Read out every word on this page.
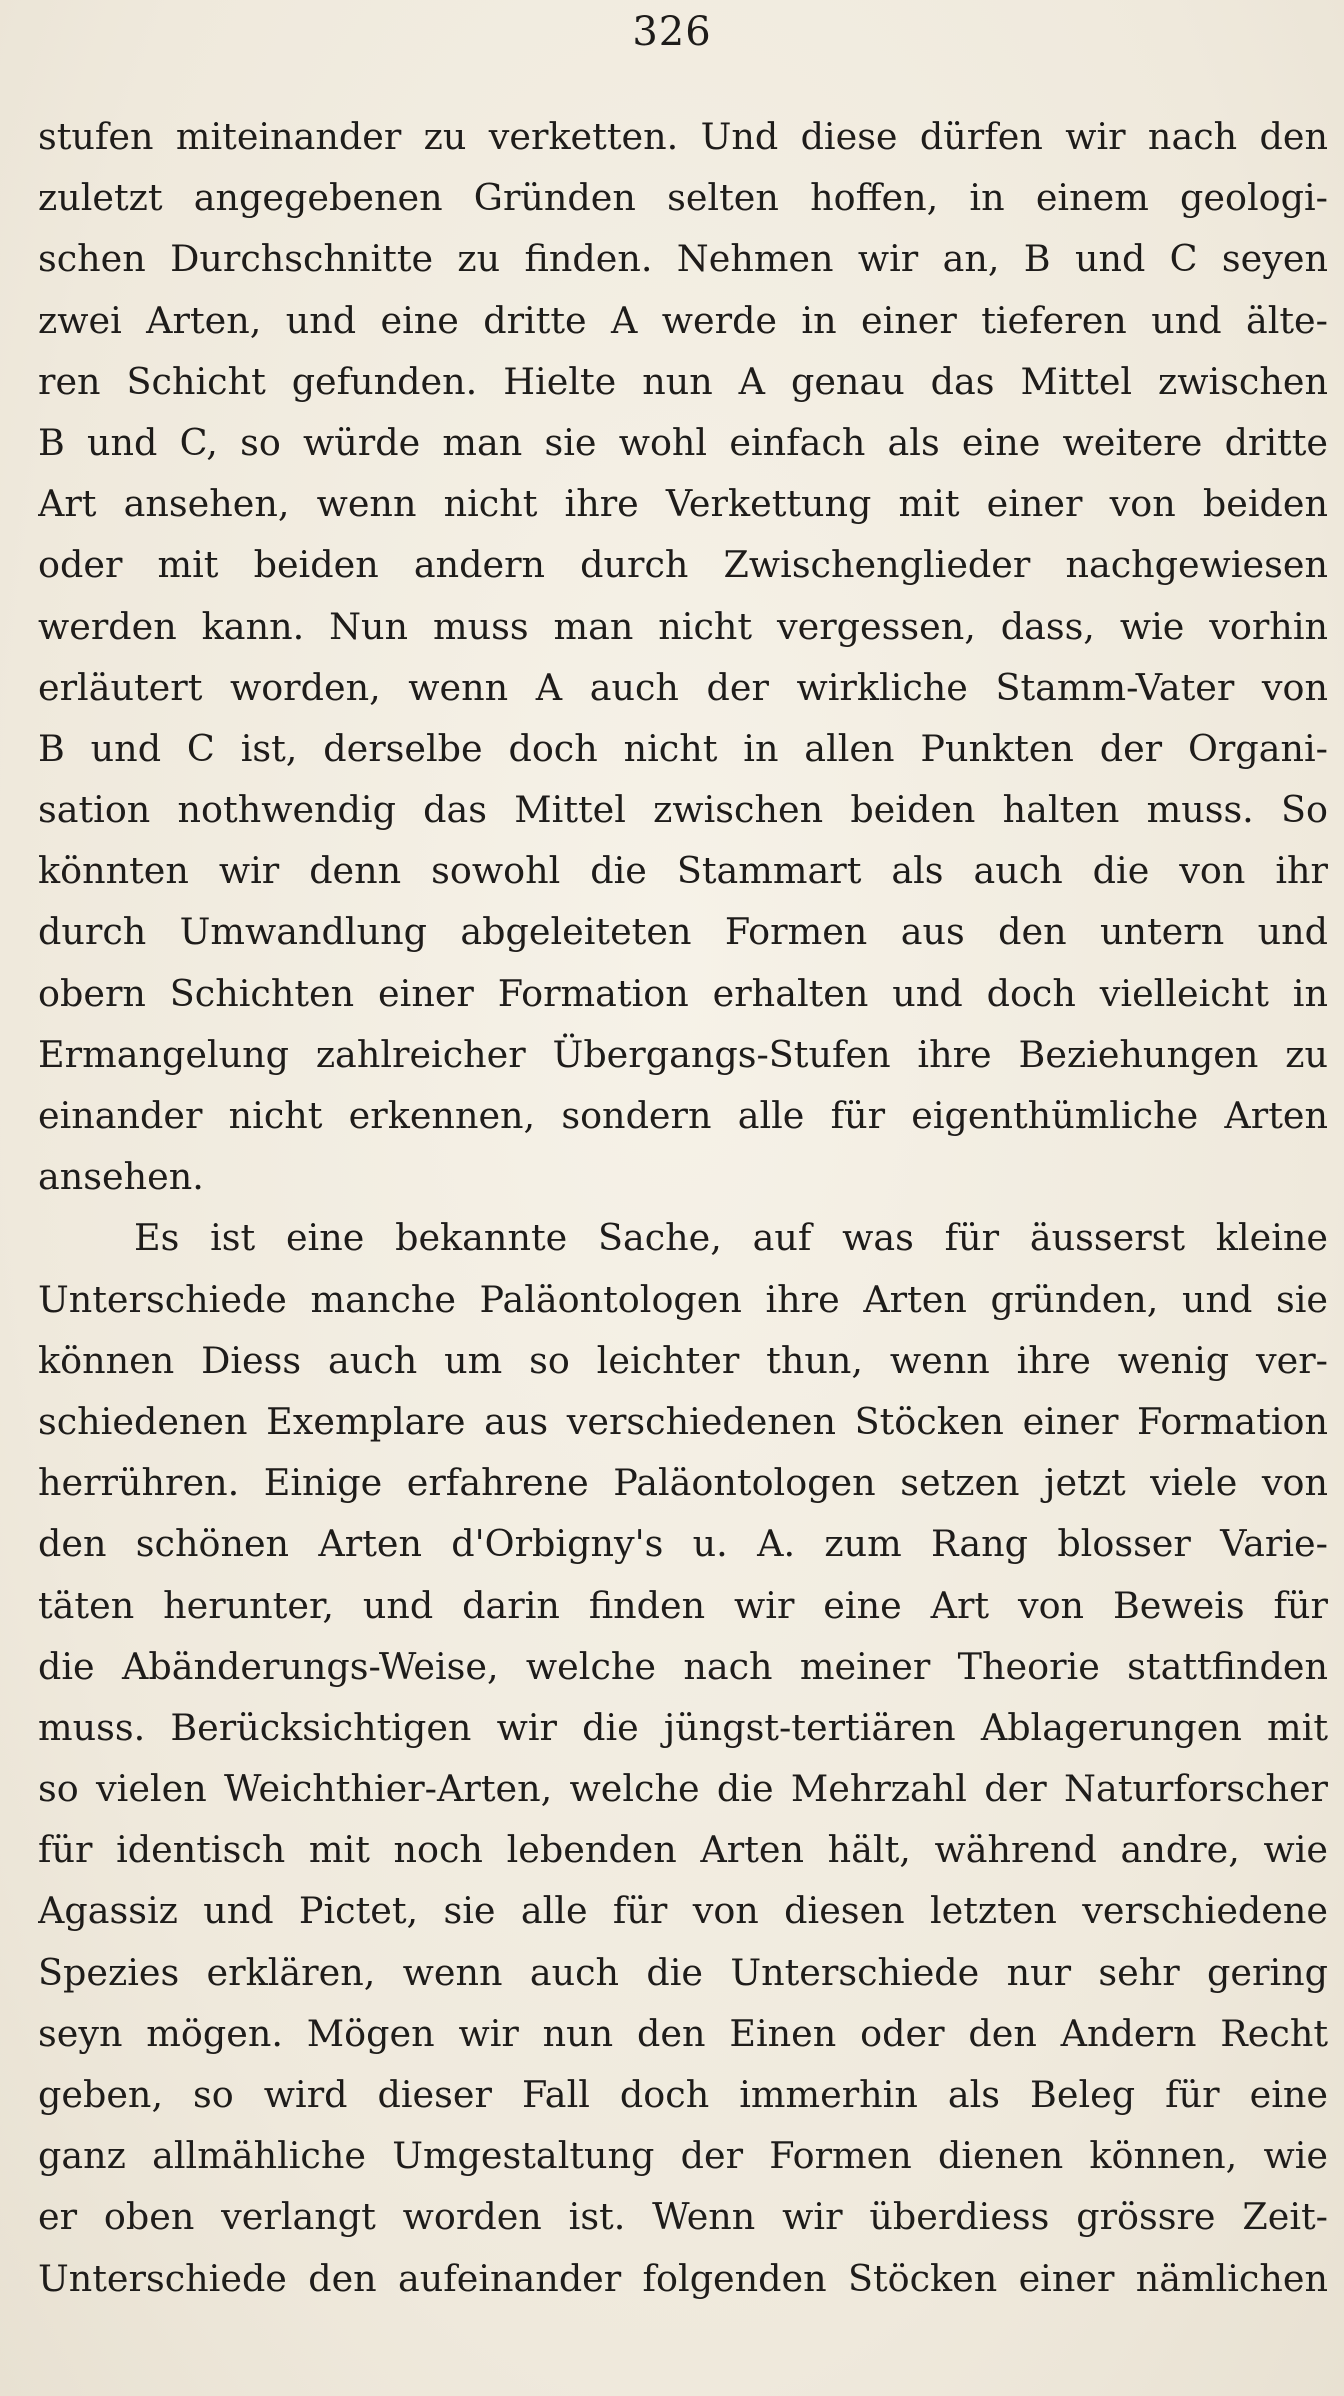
326
stufen miteinander zu verketten. Und diese dürfen wir nach den
zuletzt angegebenen Gründen selten hoffen, in einem geologi-
schen Durchschnitte zu finden. Nehmen wir an, B und C seyen
zwei Arten, und eine dritte A werde in einer tieferen und älte-
ren Schicht gefunden. Hielte nun A genau das Mittel zwischen
B und C, so würde man sie wohl einfach als eine weitere dritte
Art ansehen, wenn nicht ihre Verkettung mit einer von beiden
oder mit beiden andern durch Zwischenglieder nachgewiesen
werden kann. Nun muss man nicht vergessen, dass, wie vorhin
erläutert worden, wenn A auch der wirkliche Stamm-Vater von
B und C ist, derselbe doch nicht in allen Punkten der Organi-
sation nothwendig das Mittel zwischen beiden halten muss. So
könnten wir denn sowohl die Stammart als auch die von ihr
durch Umwandlung abgeleiteten Formen aus den untern und
obern Schichten einer Formation erhalten und doch vielleicht in
Ermangelung zahlreicher Übergangs-Stufen ihre Beziehungen zu
einander nicht erkennen, sondern alle für eigenthümliche Arten
ansehen.
Es ist eine bekannte Sache, auf was für äusserst kleine
Unterschiede manche Paläontologen ihre Arten gründen, und sie
können Diess auch um so leichter thun, wenn ihre wenig ver-
schiedenen Exemplare aus verschiedenen Stöcken einer Formation
herrühren. Einige erfahrene Paläontologen setzen jetzt viele von
den schönen Arten d'Orbigny's u. A. zum Rang blosser Varie-
täten herunter, und darin finden wir eine Art von Beweis für
die Abänderungs-Weise, welche nach meiner Theorie stattfinden
muss. Berücksichtigen wir die jüngst-tertiären Ablagerungen mit
so vielen Weichthier-Arten, welche die Mehrzahl der Naturforscher
für identisch mit noch lebenden Arten hält, während andre, wie
Agassiz und Pictet, sie alle für von diesen letzten verschiedene
Spezies erklären, wenn auch die Unterschiede nur sehr gering
seyn mögen. Mögen wir nun den Einen oder den Andern Recht
geben, so wird dieser Fall doch immerhin als Beleg für eine
ganz allmähliche Umgestaltung der Formen dienen können, wie
er oben verlangt worden ist. Wenn wir überdiess grössre Zeit-
Unterschiede den aufeinander folgenden Stöcken einer nämlichen
